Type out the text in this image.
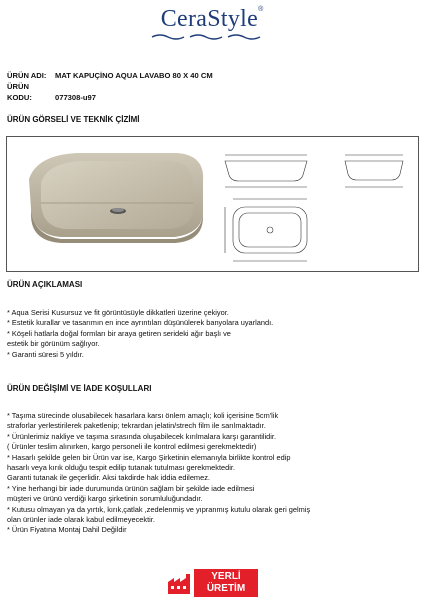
CeraStyle®
ÜRÜN ADI: MAT KAPUÇİNO AQUA LAVABO 80 X 40 CM
ÜRÜN KODU:	077308-u97
ÜRÜN GÖRSELİ VE TEKNİK ÇİZİMİ
ÜRÜN AÇIKLAMASI

* Aqua Serisi Kusursuz ve fit görüntüsüyle dikkatleri üzerine çekiyor.

* Estetik kurallar ve tasarımın en ince ayrıntıları düşünülerek banyolara uyarlandı.

* Köşeli hatlarla doğal formları bir araya getiren serideki ağır başlı ve

estetik bir görünüm sağlıyor.

* Garanti süresi 5 yıldır.

ÜRÜN DEĞİŞİMİ VE İADE KOŞULLARI

* Taşıma sürecinde olusabilecek hasarlara karsı önlem amaçlı; koli içerisine 5cm'lik

straforlar yerlestirilerek paketlenip; tekrardan jelatin/strech film ile sarılmaktadır.

* Ürünlerimiz nakliye ve taşıma sırasında oluşabilecek kırılmalara karşı garantilidir.

( Ürünler teslim alınırken, kargo personeli ile kontrol edilmesi gerekmektedir)

* Hasarlı şekilde gelen bir Ürün var ise, Kargo Şirketinin elemanıyla birlikte kontrol edip

hasarlı veya kırık olduğu tespit edilip tutanak tutulması gerekmektedir.

Garanti tutanak ile geçerlidir. Aksi takdirde hak iddia edilemez.

* Yine herhangi bir iade durumunda ürünün sağlam bir şekilde iade edilmesi

müşteri ve ürünü verdiği kargo şirketinin sorumluluğundadır.

* Kutusu olmayan ya da yırtık, kırık,çatlak ,zedelenmiş ve yıpranmış kutulu olarak geri gelmiş

olan ürünler iade olarak kabul edilmeyecektir.

* Ürün Fiyatına Montaj Dahil Değildir

YERLİ
ÜRETİM
